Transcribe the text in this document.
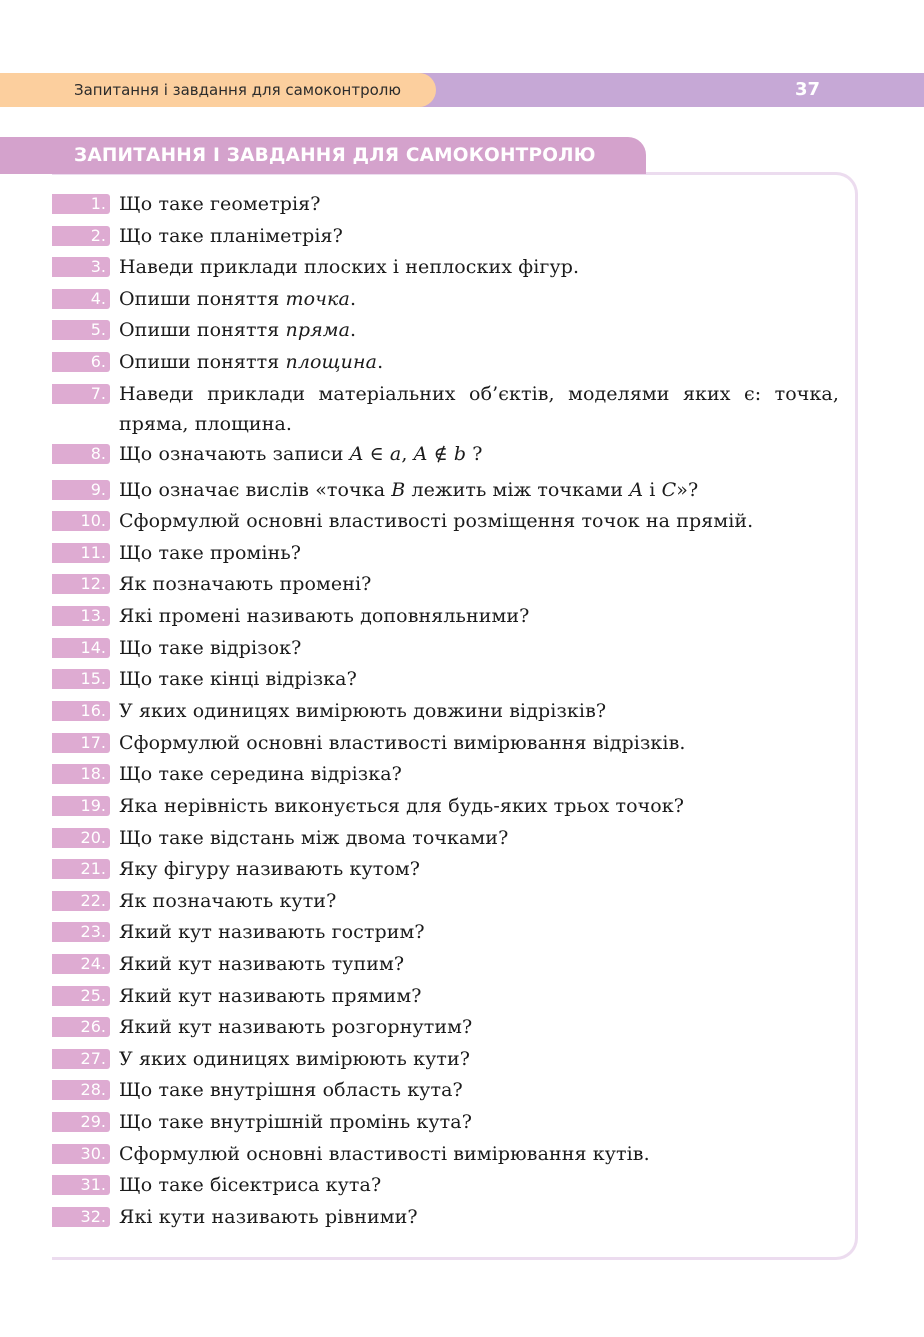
Запитання і завдання для самоконтролю	37
ЗАПИТАННЯ І ЗАВДАННЯ ДЛЯ САМОКОНТРОЛЮ
1. Що таке геометрія?
2. Що таке планіметрія?
3. Наведи приклади плоских і неплоских фігур.
4. Опиши поняття точка.
5. Опиши поняття пряма.
6. Опиши поняття площина.
7. Наведи приклади матеріальних об’єктів, моделями яких є: точка, пряма, площина.
8. Що означають записи A ∈ a, A ∉ b ?
9. Що означає вислів «точка B лежить між точками A і C»?
10. Сформулюй основні властивості розміщення точок на прямій.
11. Що таке промінь?
12. Як позначають промені?
13. Які промені називають доповняльними?
14. Що таке відрізок?
15. Що таке кінці відрізка?
16. У яких одиницях вимірюють довжини відрізків?
17. Сформулюй основні властивості вимірювання відрізків.
18. Що таке середина відрізка?
19. Яка нерівність виконується для будь-яких трьох точок?
20. Що таке відстань між двома точками?
21. Яку фігуру називають кутом?
22. Як позначають кути?
23. Який кут називають гострим?
24. Який кут називають тупим?
25. Який кут називають прямим?
26. Який кут називають розгорнутим?
27. У яких одиницях вимірюють кути?
28. Що таке внутрішня область кута?
29. Що таке внутрішній промінь кута?
30. Сформулюй основні властивості вимірювання кутів.
31. Що таке бісектриса кута?
32. Які кути називають рівними?
